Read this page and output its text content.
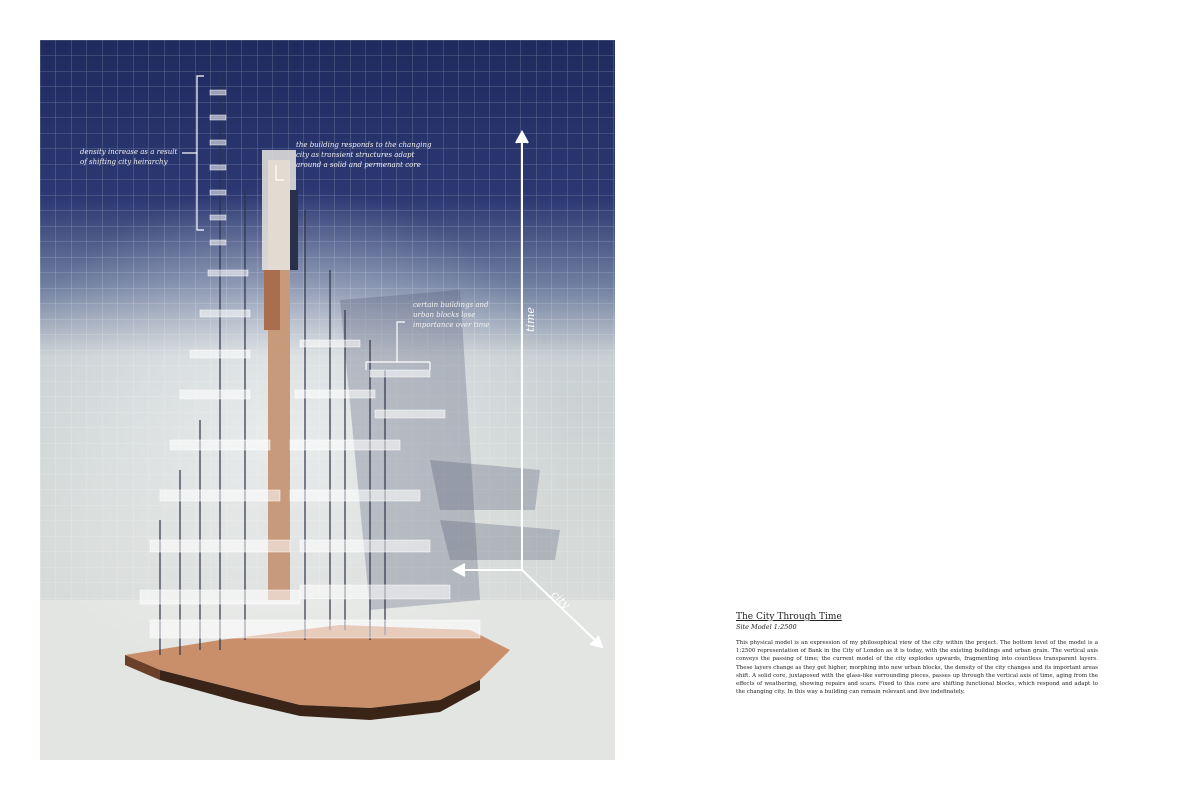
density increase as a result of shifting city heirarchy
the building responds to the changing city as transient structures adapt around a solid and permenant core
certain buildings and urban blocks lose importance over time	time
city

The City Through Time

Site Model 1:2500

This physical model is an expression of my philosophical view of the city within the project. The bottom level of the model is a 1:2500 representation of Bank in the City of London as it is today, with the existing buildings and urban grain. The vertical axis conveys the passing of time; the current model of the city explodes upwards, fragmenting into countless transparent layers. These layers change as they get higher, morphing into new urban blocks, the density of the city changes and its important areas shift. A solid core, juxtaposed with the glass-like surrounding pieces, passes up through the vertical axis of time, aging from the effects of weathering, showing repairs and scars. Fixed to this core are shifting functional blocks, which respond and adapt to the changing city. In this way a building can remain relevant and live indefinately.
